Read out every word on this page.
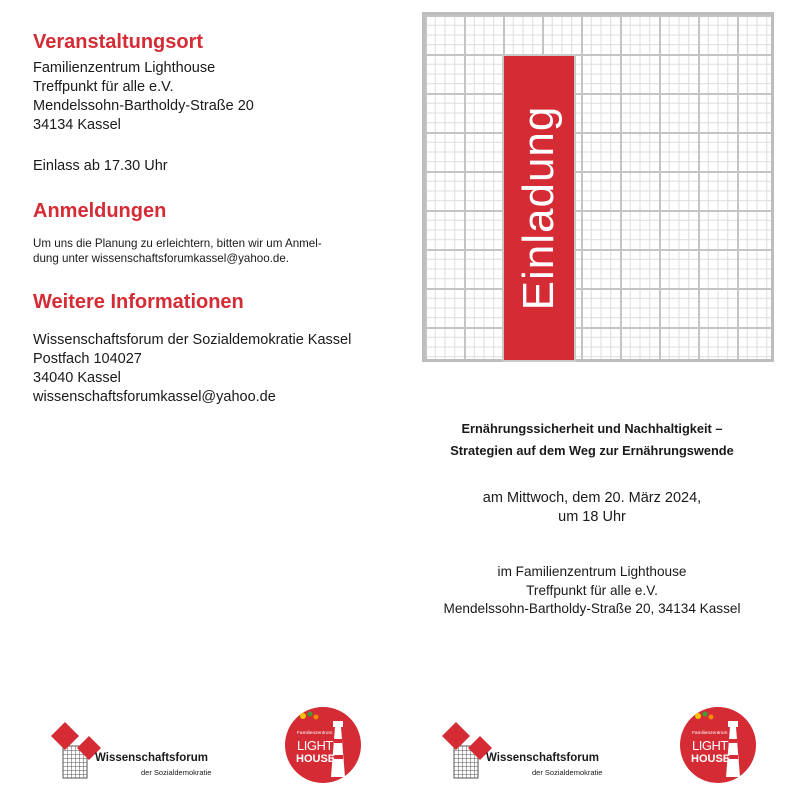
Veranstaltungsort
Familienzentrum Lighthouse
Treffpunkt für alle e.V.
Mendelssohn-Bartholdy-Straße 20
34134 Kassel
Einlass ab 17.30 Uhr
Anmeldungen
Um uns die Planung zu erleichtern, bitten wir um Anmel-
dung unter wissenschaftsforumkassel@yahoo.de.
Weitere Informationen
Wissenschaftsforum der Sozialdemokratie Kassel
Postfach 104027
34040 Kassel
wissenschaftsforumkassel@yahoo.de
Einladung
Ernährungssicherheit und Nachhaltigkeit –
Strategien auf dem Weg zur Ernährungswende
am Mittwoch, dem 20. März 2024,
um 18 Uhr
im Familienzentrum Lighthouse
Treffpunkt für alle e.V.
Mendelssohn-Bartholdy-Straße 20, 34134 Kassel
Wissenschaftsforum
der Sozialdemokratie
Familienzentrum
LIGHT
HOUSE	Wissenschaftsforum
der Sozialdemokratie
Familienzentrum
LIGHT
HOUSE
